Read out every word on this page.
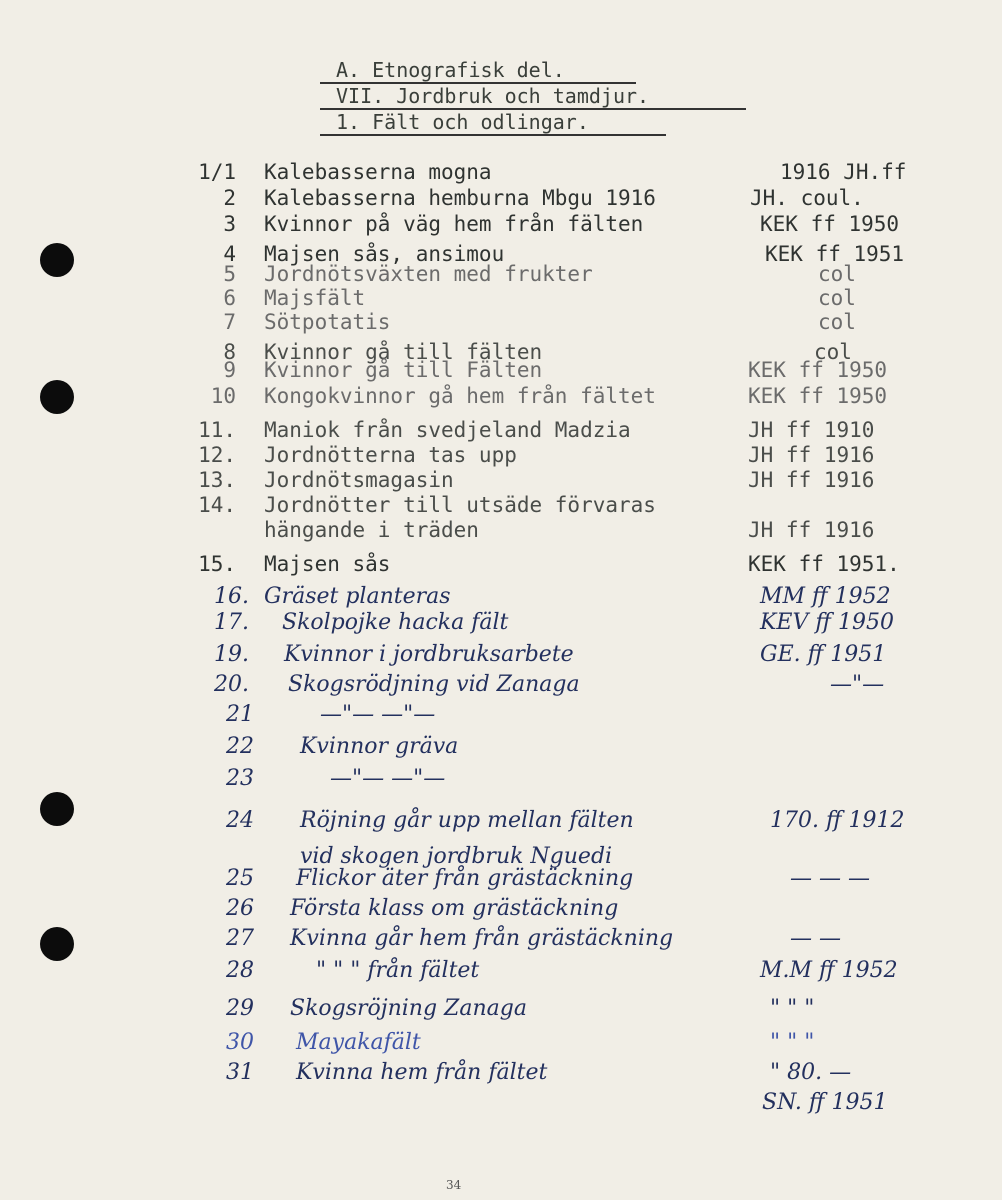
A. Etnografisk del.
VII. Jordbruk och tamdjur.
1. Fält och odlingar.
1/1 Kalebasserna mogna	1916 JH.ff
2 Kalebasserna hemburna Mbgu 1916	JH. coul.
3 Kvinnor på väg hem från fälten	KEK ff 1950
4 Majsen sås, ansimou	KEK ff 1951
5 Jordnötsväxten med frukter	col
6 Majsfält	col
7 Sötpotatis	col
8 Kvinnor gå till fälten	col
9 Kvinnor gå till Fälten	KEK ff 1950
10 Kongokvinnor gå hem från fältet	KEK ff 1950
11. Maniok från svedjeland Madzia	JH ff 1910
12. Jordnötterna tas upp	JH ff 1916
13. Jordnötsmagasin	JH ff 1916
14. Jordnötter till utsäde förvaras
hängande i träden	JH ff 1916
15. Majsen sås	KEK ff 1951.
16. Gräset planteras	MM ff 1952
17. Skolpojke hacka fält	KEV ff 1950
19. Kvinnor i jordbruksarbete	GE. ff 1951
20. Skogsrödjning vid Zanaga	—"—
21	—"— —"—
22 Kvinnor gräva
23	—"— —"—
24 Röjning går upp mellan fälten	170. ff 1912
vid skogen jordbruk Nguedi
25 Flickor äter från grästäckning	— — —
26 Första klass om grästäckning
27 Kvinna går hem från grästäckning	— —
28	" " " från fältet	M.M ff 1952
29 Skogsröjning Zanaga	" " "
30 Mayakafält	" " "
31 Kvinna hem från fältet	" 80. —
SN. ff 1951
34
